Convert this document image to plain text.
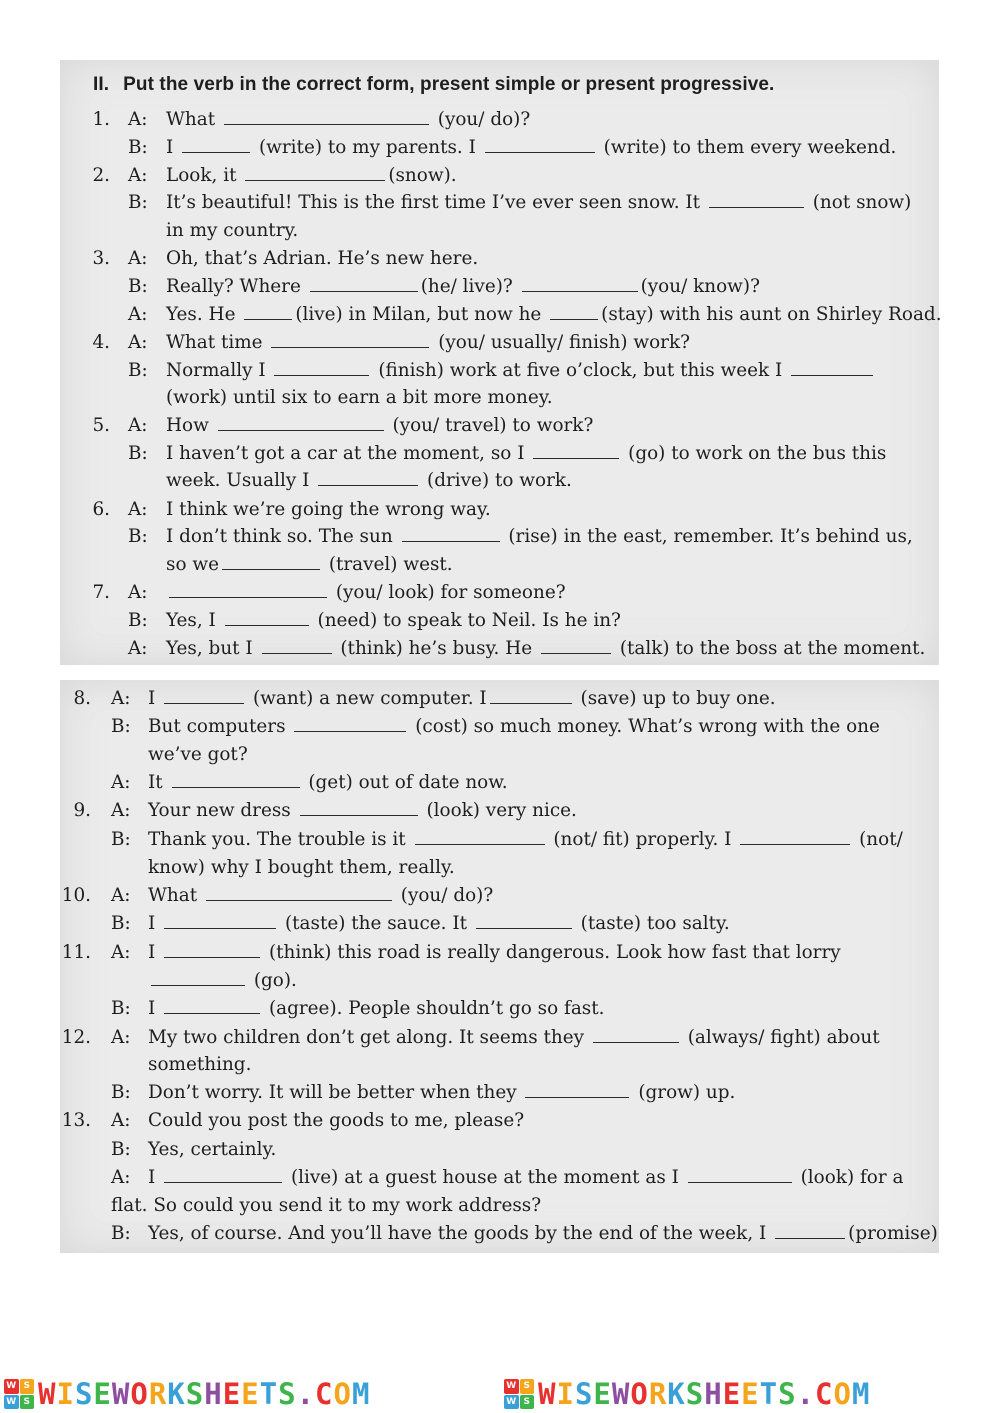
II. Put the verb in the correct form, present simple or present progressive.
1. A: What	(you/ do)?
B: I	(write) to my parents. I	(write) to them every weekend.
2. A: Look, it	(snow).
B: It’s beautiful! This is the first time I’ve ever seen snow. It	(not snow)
in my country.
3. A: Oh, that’s Adrian. He’s new here.
B: Really? Where	(he/ live)?	(you/ know)?
A: Yes. He	(live) in Milan, but now he	(stay) with his aunt on Shirley Road.
4. A: What time	(you/ usually/ finish) work?
B: Normally I	(finish) work at five o’clock, but this week I
(work) until six to earn a bit more money.
5. A: How	(you/ travel) to work?
B: I haven’t got a car at the moment, so I	(go) to work on the bus this
week. Usually I	(drive) to work.
6. A: I think we’re going the wrong way.
B: I don’t think so. The sun	(rise) in the east, remember. It’s behind us,
so we	(travel) west.
7. A:	(you/ look) for someone?
B: Yes, I	(need) to speak to Neil. Is he in?
A: Yes, but I	(think) he’s busy. He	(talk) to the boss at the moment.
8. A: I	(want) a new computer. I	(save) up to buy one.
B: But computers	(cost) so much money. What’s wrong with the one
we’ve got?
A: It	(get) out of date now.
9. A: Your new dress	(look) very nice.
B: Thank you. The trouble is it	(not/ fit) properly. I	(not/
know) why I bought them, really.
10. A: What	(you/ do)?
B: I	(taste) the sauce. It	(taste) too salty.
11. A: I	(think) this road is really dangerous. Look how fast that lorry
(go).
B: I	(agree). People shouldn’t go so fast.
12. A: My two children don’t get along. It seems they	(always/ fight) about
something.
B: Don’t worry. It will be better when they	(grow) up.
13. A: Could you post the goods to me, please?
B: Yes, certainly.
A: I	(live) at a guest house at the moment as I	(look) for a
flat. So could you send it to my work address?
B: Yes, of course. And you’ll have the goods by the end of the week, I	(promise)
W S
W S WISEWORKSHEETS.COM	W S
W S WISEWORKSHEETS.COM
